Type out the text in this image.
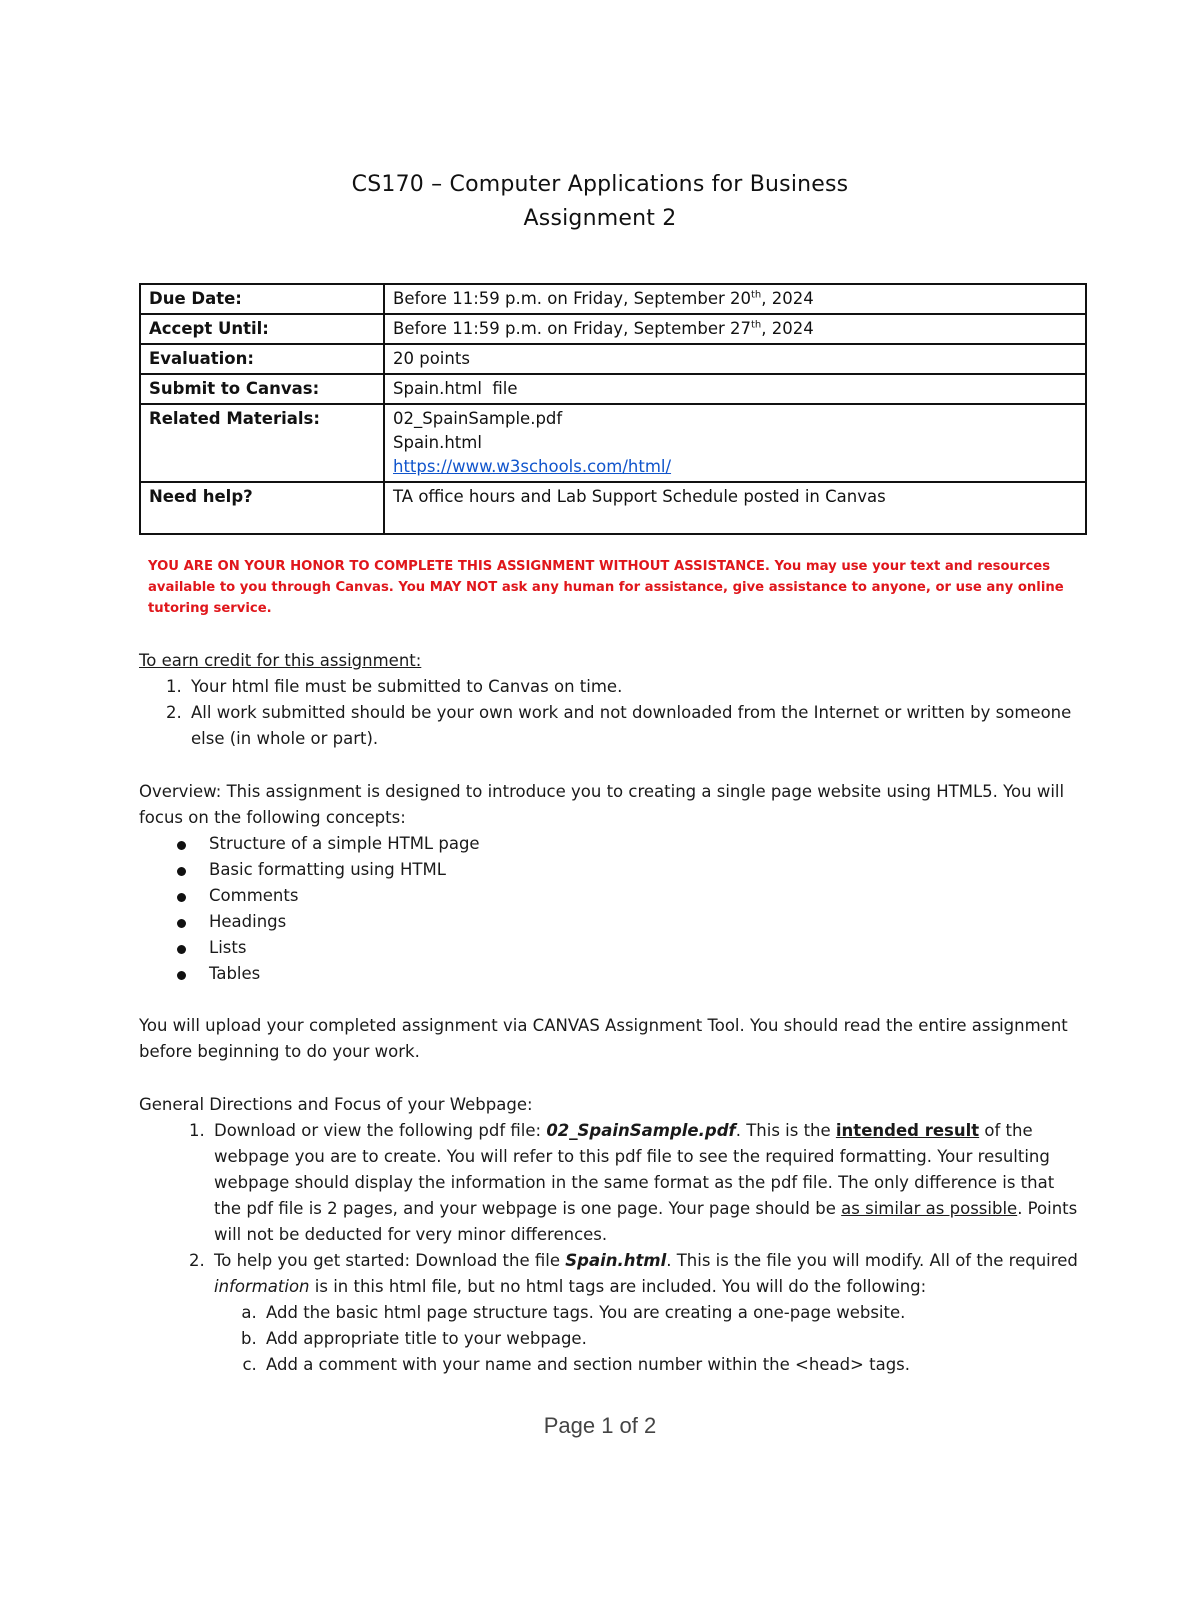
CS170 – Computer Applications for Business
Assignment 2
Due Date:	Before 11:59 p.m. on Friday, September 20th, 2024
Accept Until:	Before 11:59 p.m. on Friday, September 27th, 2024
Evaluation:	20 points
Submit to Canvas:	Spain.html  file
Related Materials:	02_SpainSample.pdf
Spain.html
https://www.w3schools.com/html/

Need help?	TA office hours and Lab Support Schedule posted in Canvas
YOU ARE ON YOUR HONOR TO COMPLETE THIS ASSIGNMENT WITHOUT ASSISTANCE. You may use your text and resources available to you through Canvas. You MAY NOT ask any human for assistance, give assistance to anyone, or use any online tutoring service.
To earn credit for this assignment:
1. Your html file must be submitted to Canvas on time.
2. All work submitted should be your own work and not downloaded from the Internet or written by someone else (in whole or part).
Overview: This assignment is designed to introduce you to creating a single page website using HTML5. You will focus on the following concepts:
Structure of a simple HTML page
Basic formatting using HTML
Comments
Headings
Lists
Tables
You will upload your completed assignment via CANVAS Assignment Tool. You should read the entire assignment before beginning to do your work.
General Directions and Focus of your Webpage:
1. Download or view the following pdf file: 02_SpainSample.pdf. This is the intended result of the webpage you are to create. You will refer to this pdf file to see the required formatting. Your resulting webpage should display the information in the same format as the pdf file. The only difference is that the pdf file is 2 pages, and your webpage is one page. Your page should be as similar as possible. Points will not be deducted for very minor differences.
2. To help you get started: Download the file Spain.html. This is the file you will modify. All of the required  information is in this html file, but no html tags are included. You will do the following:
a. Add the basic html page structure tags. You are creating a one-page website.
b. Add appropriate title to your webpage.
c. Add a comment with your name and section number within the <head> tags.
Page 1 of 2
